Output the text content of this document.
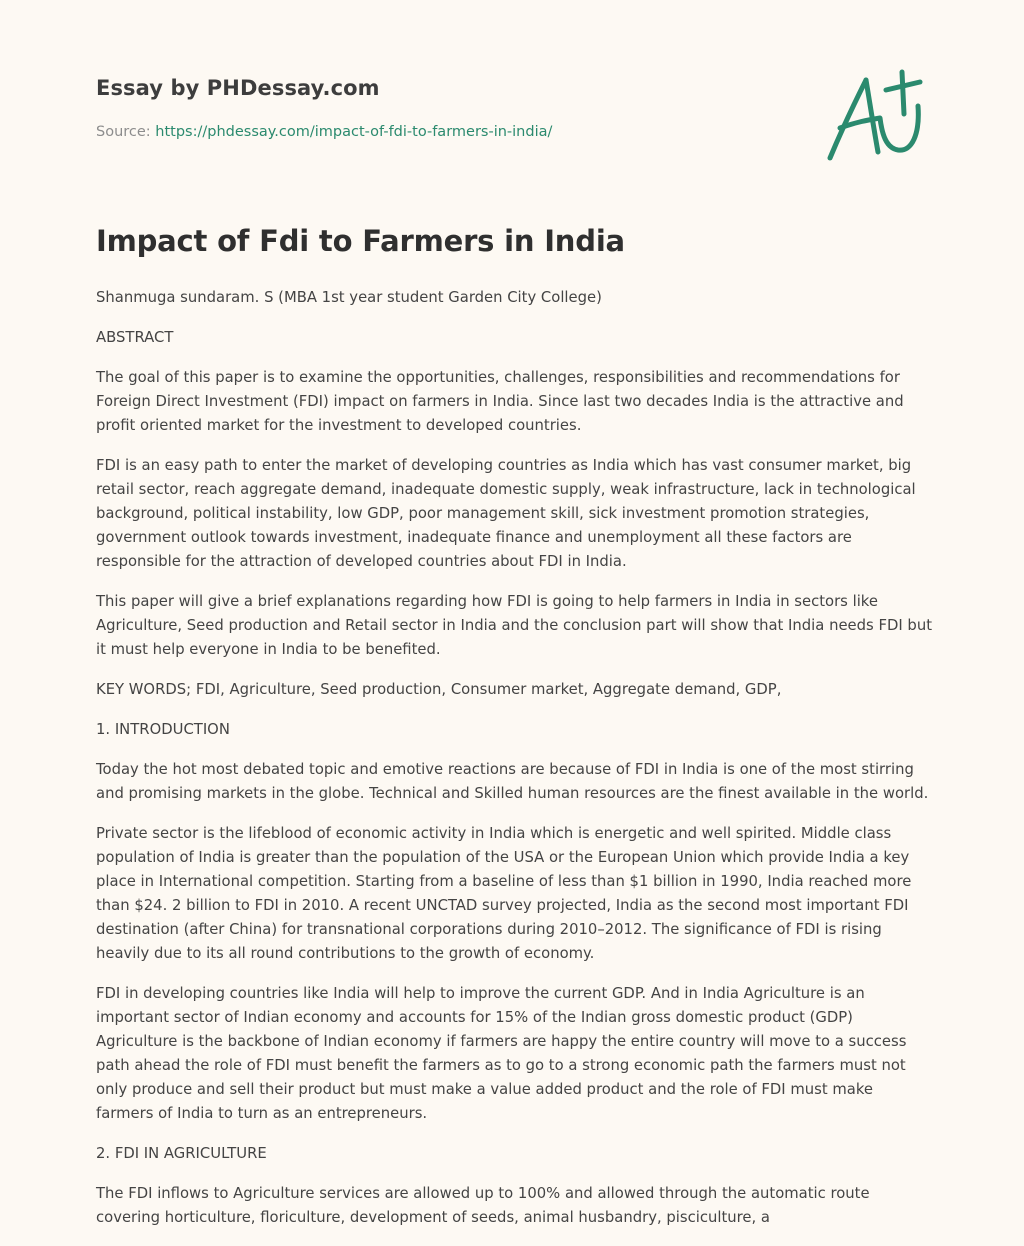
Essay by PHDessay.com
Source: https://phdessay.com/impact-of-fdi-to-farmers-in-india/
Impact of Fdi to Farmers in India

Shanmuga sundaram. S (MBA 1st year student Garden City College)

ABSTRACT

The goal of this paper is to examine the opportunities, challenges, responsibilities and recommendations for Foreign Direct Investment (FDI) impact on farmers in India. Since last two decades India is the attractive and profit oriented market for the investment to developed countries.

FDI is an easy path to enter the market of developing countries as India which has vast consumer market, big retail sector, reach aggregate demand, inadequate domestic supply, weak infrastructure, lack in technological background, political instability, low GDP, poor management skill, sick investment promotion strategies, government outlook towards investment, inadequate finance and unemployment all these factors are responsible for the attraction of developed countries about FDI in India.

This paper will give a brief explanations regarding how FDI is going to help farmers in India in sectors like Agriculture, Seed production and Retail sector in India and the conclusion part will show that India needs FDI but it must help everyone in India to be benefited.

KEY WORDS; FDI, Agriculture, Seed production, Consumer market, Aggregate demand, GDP,

1. INTRODUCTION

Today the hot most debated topic and emotive reactions are because of FDI in India is one of the most stirring and promising markets in the globe. Technical and Skilled human resources are the finest available in the world.

Private sector is the lifeblood of economic activity in India which is energetic and well spirited. Middle class population of India is greater than the population of the USA or the European Union which provide India a key place in International competition. Starting from a baseline of less than $1 billion in 1990, India reached more than $24. 2 billion to FDI in 2010. A recent UNCTAD survey projected, India as the second most important FDI destination (after China) for transnational corporations during 2010–2012. The significance of FDI is rising heavily due to its all round contributions to the growth of economy.

FDI in developing countries like India will help to improve the current GDP. And in India Agriculture is an important sector of Indian economy and accounts for 15% of the Indian gross domestic product (GDP) Agriculture is the backbone of Indian economy if farmers are happy the entire country will move to a success path ahead the role of FDI must benefit the farmers as to go to a strong economic path the farmers must not only produce and sell their product but must make a value added product and the role of FDI must make farmers of India to turn as an entrepreneurs.

2. FDI IN AGRICULTURE

The FDI inflows to Agriculture services are allowed up to 100% and allowed through the automatic route covering horticulture, floriculture, development of seeds, animal husbandry, pisciculture, a
